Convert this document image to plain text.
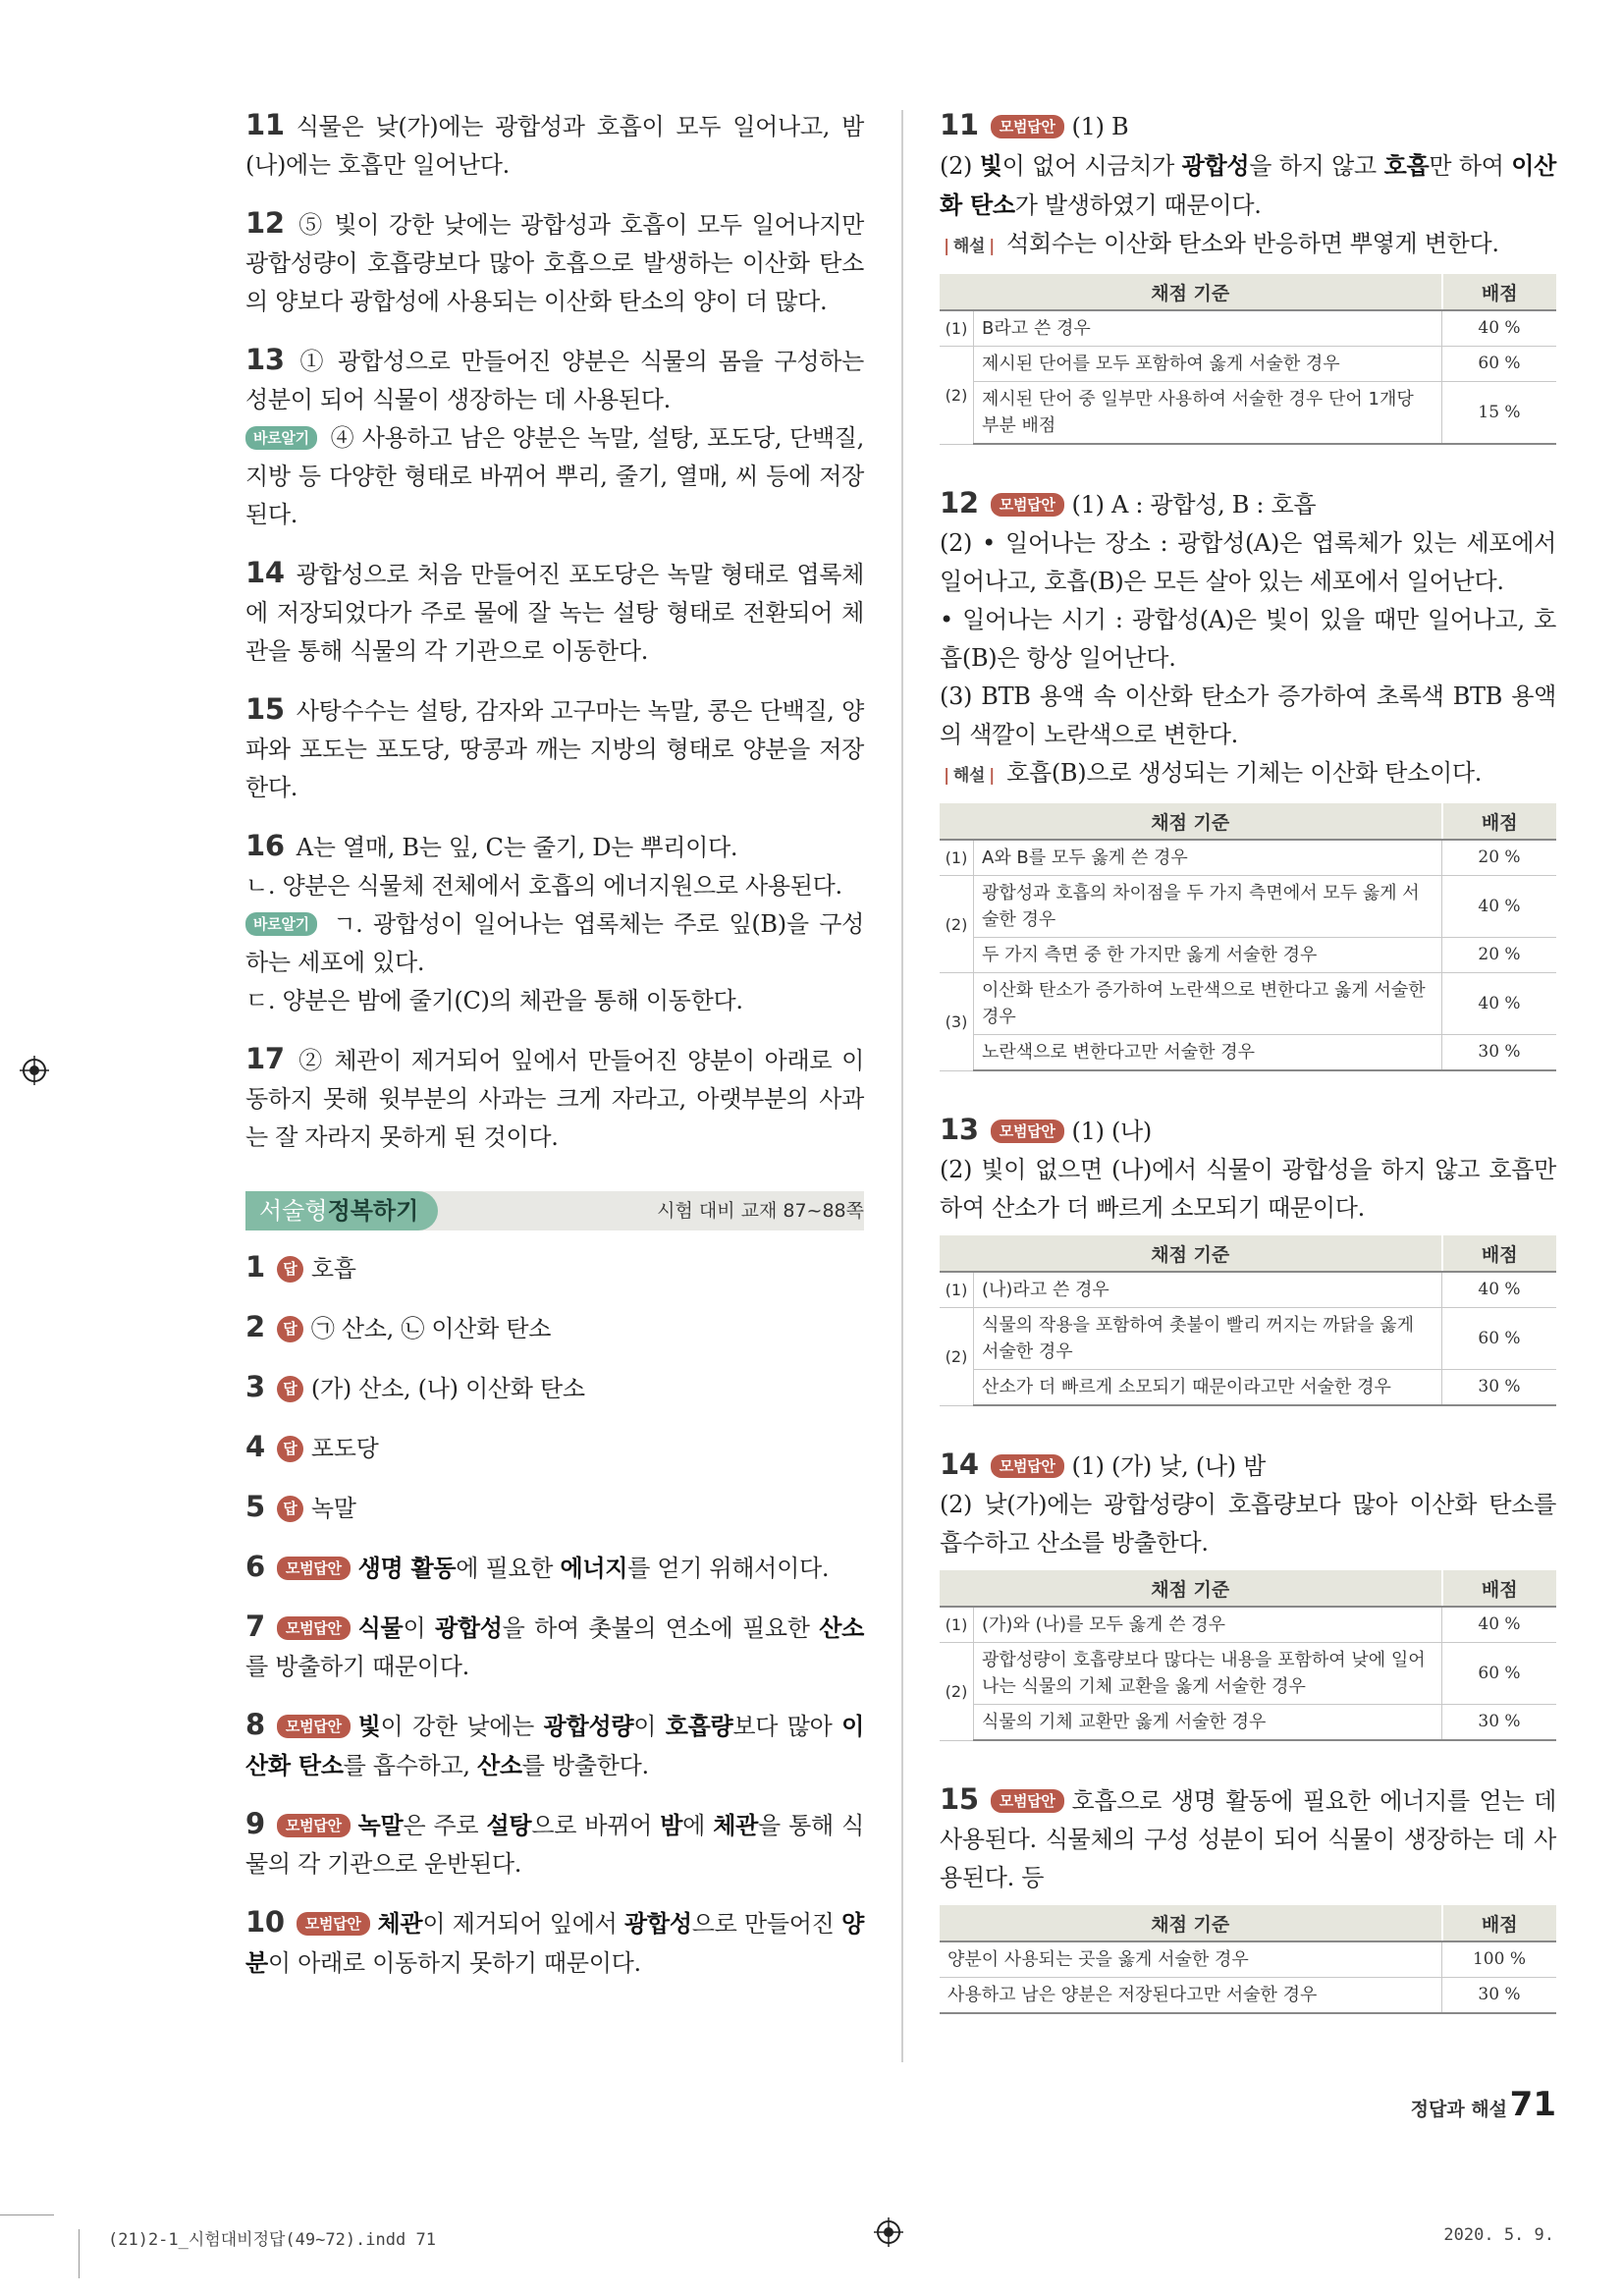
11 식물은 낮(가)에는 광합성과 호흡이 모두 일어나고, 밤(나)에는 호흡만 일어난다.

12 ⑤ 빛이 강한 낮에는 광합성과 호흡이 모두 일어나지만 광합성량이 호흡량보다 많아 호흡으로 발생하는 이산화 탄소의 양보다 광합성에 사용되는 이산화 탄소의 양이 더 많다.

13 ① 광합성으로 만들어진 양분은 식물의 몸을 구성하는 성분이 되어 식물이 생장하는 데 사용된다.
바로알기 ④ 사용하고 남은 양분은 녹말, 설탕, 포도당, 단백질, 지방 등 다양한 형태로 바뀌어 뿌리, 줄기, 열매, 씨 등에 저장된다.

14 광합성으로 처음 만들어진 포도당은 녹말 형태로 엽록체에 저장되었다가 주로 물에 잘 녹는 설탕 형태로 전환되어 체관을 통해 식물의 각 기관으로 이동한다.

15 사탕수수는 설탕, 감자와 고구마는 녹말, 콩은 단백질, 양파와 포도는 포도당, 땅콩과 깨는 지방의 형태로 양분을 저장한다.

16 A는 열매, B는 잎, C는 줄기, D는 뿌리이다.
ㄴ. 양분은 식물체 전체에서 호흡의 에너지원으로 사용된다.
바로알기 ㄱ. 광합성이 일어나는 엽록체는 주로 잎(B)을 구성하는 세포에 있다.
ㄷ. 양분은 밤에 줄기(C)의 체관을 통해 이동한다.

17 ② 체관이 제거되어 잎에서 만들어진 양분이 아래로 이동하지 못해 윗부분의 사과는 크게 자라고, 아랫부분의 사과는 잘 자라지 못하게 된 것이다.

서술형정복하기	시험 대비 교재 87~88쪽

1 답 호흡

2 답 ㉠ 산소, ㉡ 이산화 탄소

3 답 (가) 산소, (나) 이산화 탄소

4 답 포도당

5 답 녹말

6 모범답안 생명 활동에 필요한 에너지를 얻기 위해서이다.

7 모범답안 식물이 광합성을 하여 촛불의 연소에 필요한 산소를 방출하기 때문이다.

8 모범답안 빛이 강한 낮에는 광합성량이 호흡량보다 많아 이산화 탄소를 흡수하고, 산소를 방출한다.

9 모범답안 녹말은 주로 설탕으로 바뀌어 밤에 체관을 통해 식물의 각 기관으로 운반된다.

10 모범답안 체관이 제거되어 잎에서 광합성으로 만들어진 양분이 아래로 이동하지 못하기 때문이다.

11 모범답안 (1) B
(2) 빛이 없어 시금치가 광합성을 하지 않고 호흡만 하여 이산화 탄소가 발생하였기 때문이다.
| 해설 | 석회수는 이산화 탄소와 반응하면 뿌옇게 변한다.

채점 기준		배점
(1)	B라고 쓴 경우	40 %
(2)	제시된 단어를 모두 포함하여 옳게 서술한 경우	60 %
	제시된 단어 중 일부만 사용하여 서술한 경우 단어 1개당 부분 배점	15 %

12 모범답안 (1) A : 광합성, B : 호흡
(2) • 일어나는 장소 : 광합성(A)은 엽록체가 있는 세포에서 일어나고, 호흡(B)은 모든 살아 있는 세포에서 일어난다.
• 일어나는 시기 : 광합성(A)은 빛이 있을 때만 일어나고, 호흡(B)은 항상 일어난다.
(3) BTB 용액 속 이산화 탄소가 증가하여 초록색 BTB 용액의 색깔이 노란색으로 변한다.
| 해설 | 호흡(B)으로 생성되는 기체는 이산화 탄소이다.

채점 기준		배점
(1)	A와 B를 모두 옳게 쓴 경우	20 %
(2)	광합성과 호흡의 차이점을 두 가지 측면에서 모두 옳게 서술한 경우	40 %
	두 가지 측면 중 한 가지만 옳게 서술한 경우	20 %
(3)	이산화 탄소가 증가하여 노란색으로 변한다고 옳게 서술한 경우	40 %
	노란색으로 변한다고만 서술한 경우	30 %

13 모범답안 (1) (나)
(2) 빛이 없으면 (나)에서 식물이 광합성을 하지 않고 호흡만 하여 산소가 더 빠르게 소모되기 때문이다.

채점 기준		배점
(1)	(나)라고 쓴 경우	40 %
(2)	식물의 작용을 포함하여 촛불이 빨리 꺼지는 까닭을 옳게 서술한 경우	60 %
	산소가 더 빠르게 소모되기 때문이라고만 서술한 경우	30 %

14 모범답안 (1) (가) 낮, (나) 밤
(2) 낮(가)에는 광합성량이 호흡량보다 많아 이산화 탄소를 흡수하고 산소를 방출한다.

채점 기준		배점
(1)	(가)와 (나)를 모두 옳게 쓴 경우	40 %
(2)	광합성량이 호흡량보다 많다는 내용을 포함하여 낮에 일어나는 식물의 기체 교환을 옳게 서술한 경우	60 %
	식물의 기체 교환만 옳게 서술한 경우	30 %

15 모범답안 호흡으로 생명 활동에 필요한 에너지를 얻는 데 사용된다. 식물체의 구성 성분이 되어 식물이 생장하는 데 사용된다. 등

채점 기준	배점
양분이 사용되는 곳을 옳게 서술한 경우	100 %
사용하고 남은 양분은 저장된다고만 서술한 경우	30 %
정답과 해설 71
(21)2-1_시험대비정답(49~72).indd 71	2020. 5. 9.
